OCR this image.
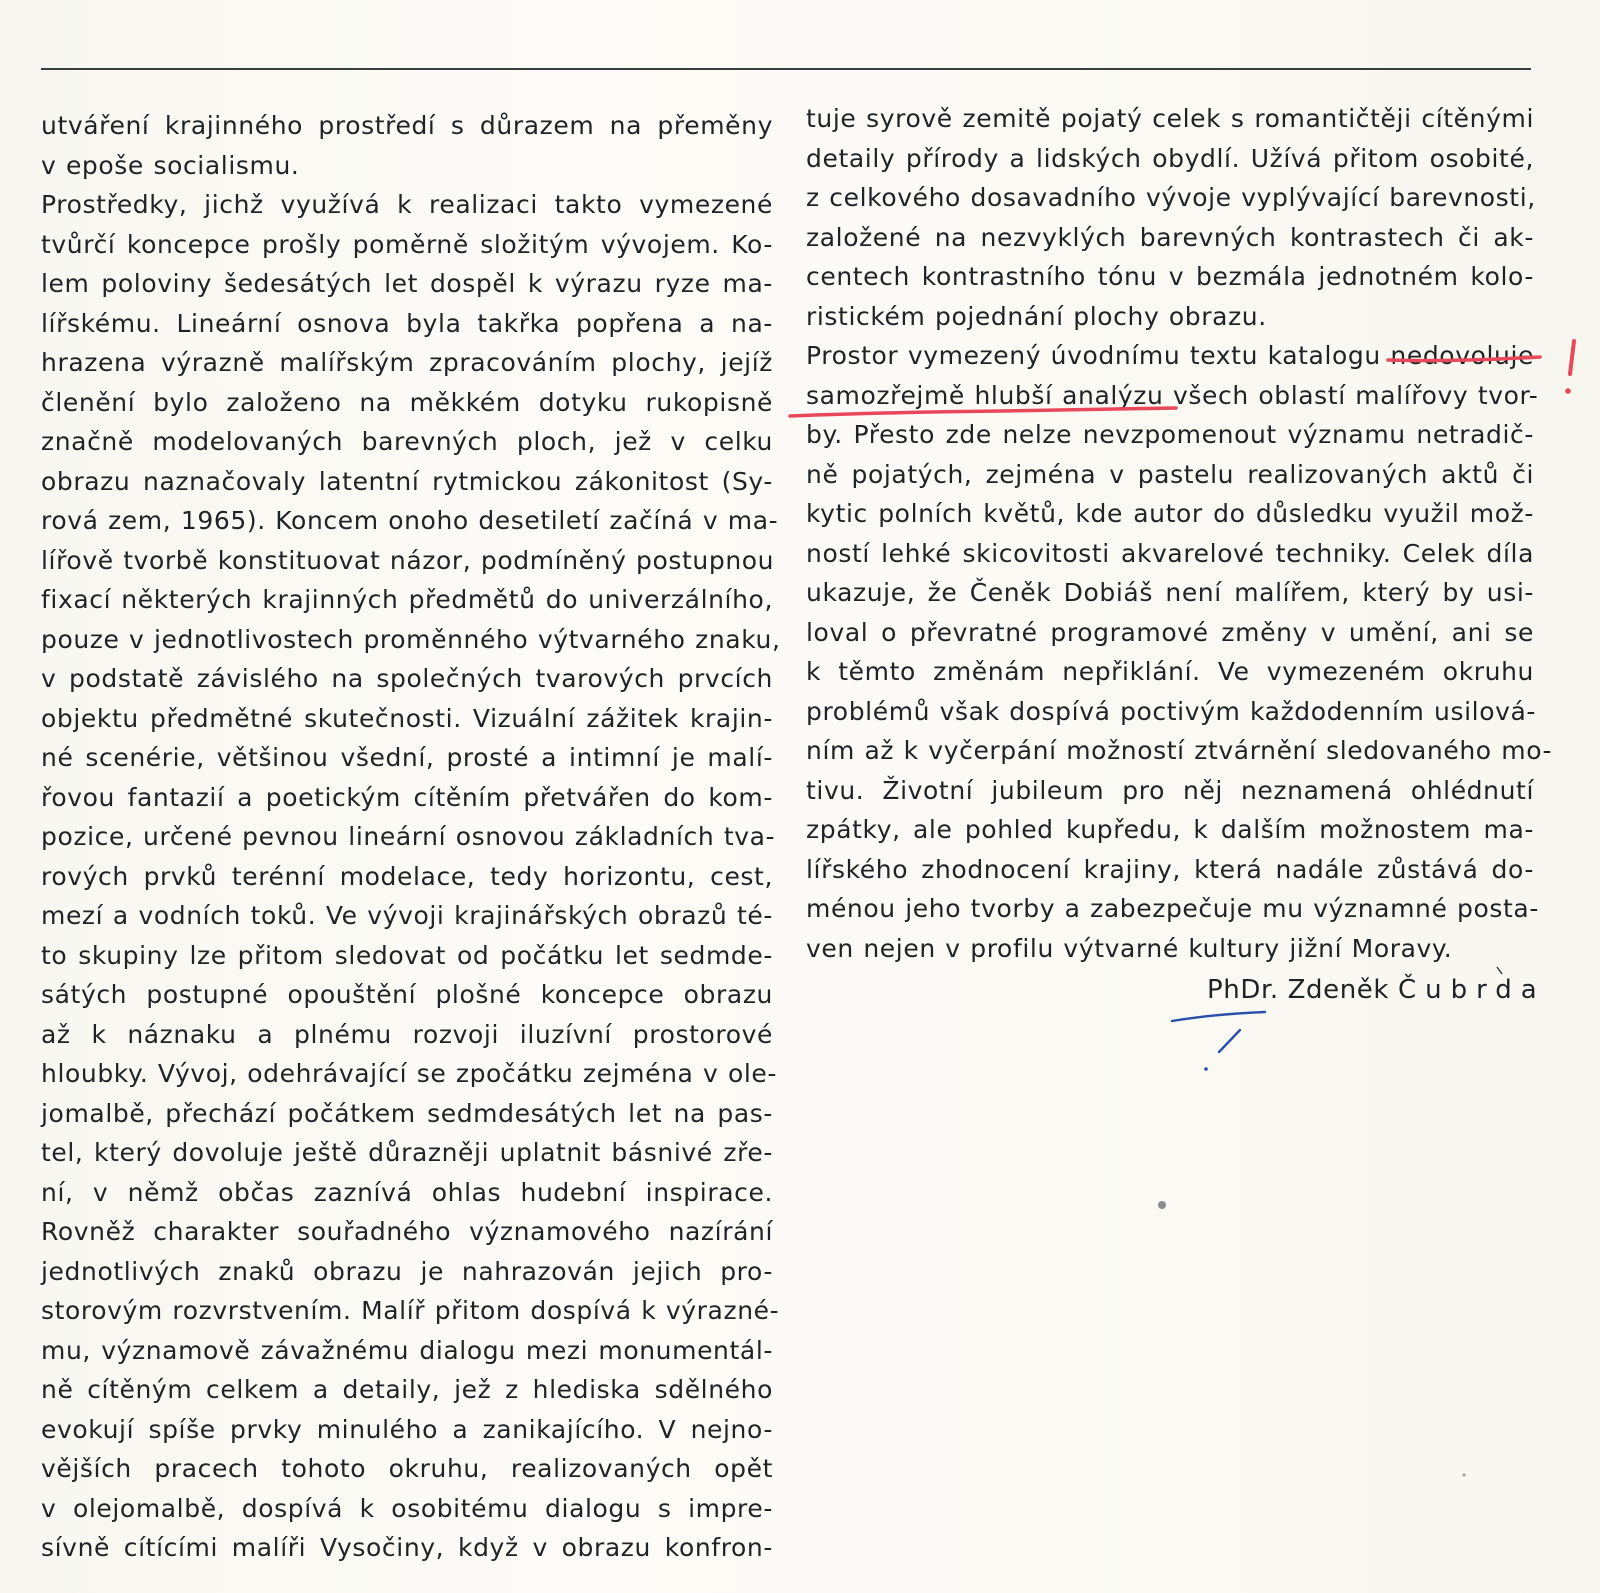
utváření krajinného prostředí s důrazem na přeměny
v epoše socialismu.
Prostředky, jichž využívá k realizaci takto vymezené
tvůrčí koncepce prošly poměrně složitým vývojem. Ko-
lem poloviny šedesátých let dospěl k výrazu ryze ma-
lířskému. Lineární osnova byla takřka popřena a na-
hrazena výrazně malířským zpracováním plochy, jejíž
členění bylo založeno na měkkém dotyku rukopisně
značně modelovaných barevných ploch, jež v celku
obrazu naznačovaly latentní rytmickou zákonitost (Sy-
rová zem, 1965). Koncem onoho desetiletí začíná v ma-
lířově tvorbě konstituovat názor, podmíněný postupnou
fixací některých krajinných předmětů do univerzálního,
pouze v jednotlivostech proměnného výtvarného znaku,
v podstatě závislého na společných tvarových prvcích
objektu předmětné skutečnosti. Vizuální zážitek krajin-
né scenérie, většinou všední, prosté a intimní je malí-
řovou fantazií a poetickým cítěním přetvářen do kom-
pozice, určené pevnou lineární osnovou základních tva-
rových prvků terénní modelace, tedy horizontu, cest,
mezí a vodních toků. Ve vývoji krajinářských obrazů té-
to skupiny lze přitom sledovat od počátku let sedmde-
sátých postupné opouštění plošné koncepce obrazu
až k náznaku a plnému rozvoji iluzívní prostorové
hloubky. Vývoj, odehrávající se zpočátku zejména v ole-
jomalbě, přechází počátkem sedmdesátých let na pas-
tel, který dovoluje ještě důrazněji uplatnit básnivé zře-
ní, v němž občas zaznívá ohlas hudební inspirace.
Rovněž charakter souřadného významového nazírání
jednotlivých znaků obrazu je nahrazován jejich pro-
storovým rozvrstvením. Malíř přitom dospívá k výrazné-
mu, významově závažnému dialogu mezi monumentál-
ně cítěným celkem a detaily, jež z hlediska sdělného
evokují spíše prvky minulého a zanikajícího. V nejno-
vějších pracech tohoto okruhu, realizovaných opět
v olejomalbě, dospívá k osobitému dialogu s impre-
sívně cítícími malíři Vysočiny, když v obrazu konfron-
tuje syrově zemitě pojatý celek s romantičtěji cítěnými
detaily přírody a lidských obydlí. Užívá přitom osobité,
z celkového dosavadního vývoje vyplývající barevnosti,
založené na nezvyklých barevných kontrastech či ak-
centech kontrastního tónu v bezmála jednotném kolo-
ristickém pojednání plochy obrazu.
Prostor vymezený úvodnímu textu katalogu nedovoluje
samozřejmě hlubší analýzu všech oblastí malířovy tvor-
by. Přesto zde nelze nevzpomenout významu netradič-
ně pojatých, zejména v pastelu realizovaných aktů či
kytic polních květů, kde autor do důsledku využil mož-
ností lehké skicovitosti akvarelové techniky. Celek díla
ukazuje, že Čeněk Dobiáš není malířem, který by usi-
loval o převratné programové změny v umění, ani se
k těmto změnám nepřiklání. Ve vymezeném okruhu
problémů však dospívá poctivým každodenním usilová-
ním až k vyčerpání možností ztvárnění sledovaného mo-
tivu. Životní jubileum pro něj neznamená ohlédnutí
zpátky, ale pohled kupředu, k dalším možnostem ma-
lířského zhodnocení krajiny, která nadále zůstává do-
ménou jeho tvorby a zabezpečuje mu významné posta-
ven nejen v profilu výtvarné kultury jižní Moravy.
PhDr. Zdeněk Čubrda
